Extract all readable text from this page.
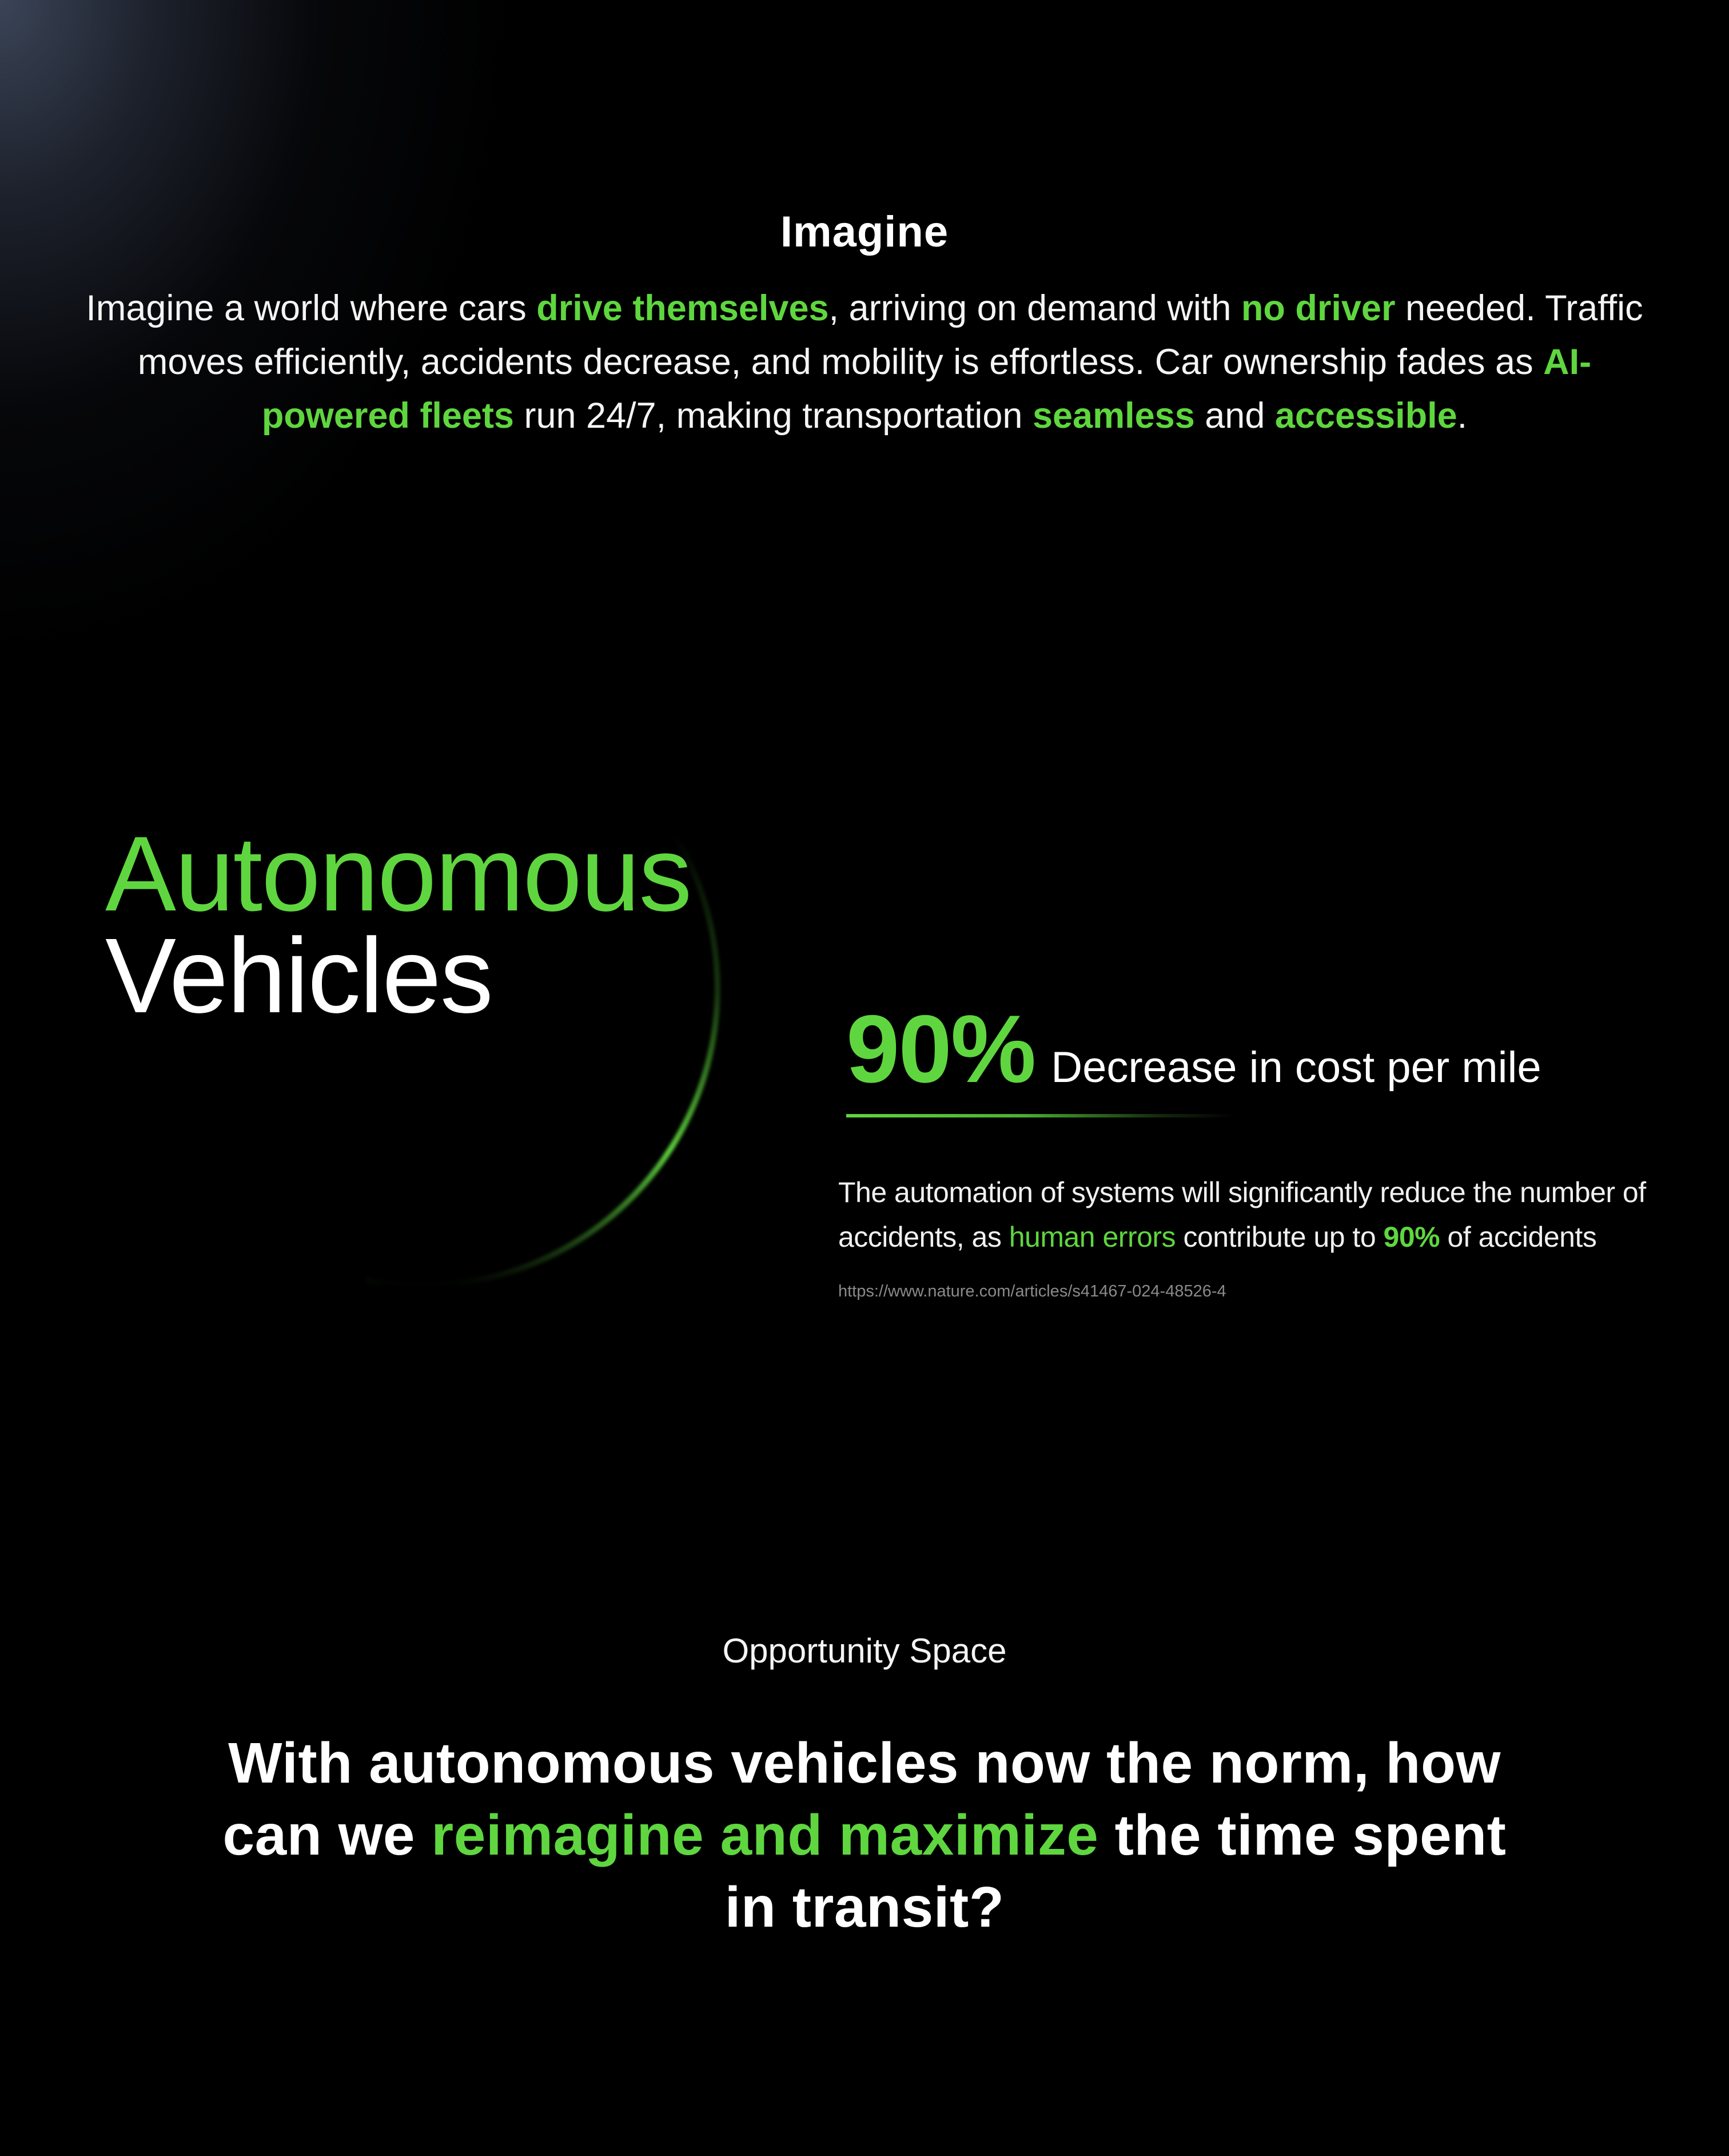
Imagine

Imagine a world where cars drive themselves, arriving on demand with no driver needed. Traffic moves efficiently, accidents decrease, and mobility is effortless. Car ownership fades as AI-powered fleets run 24/7, making transportation seamless and accessible.

Autonomous
Vehicles
90% Decrease in cost per mile

The automation of systems will significantly reduce the number of accidents, as human errors contribute up to 90% of accidents

https://www.nature.com/articles/s41467-024-48526-4

Opportunity Space

With autonomous vehicles now the norm, how can we reimagine and maximize the time spent in transit?
